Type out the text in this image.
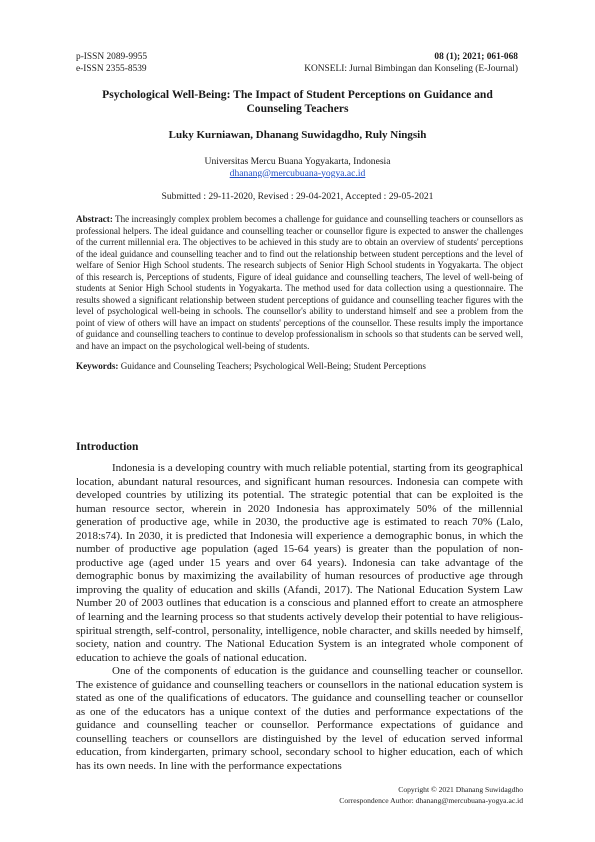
p-ISSN 2089-9955
e-ISSN 2355-8539
08 (1); 2021; 061-068
KONSELI: Jurnal Bimbingan dan Konseling (E-Journal)
Psychological Well-Being: The Impact of Student Perceptions on Guidance and Counseling Teachers
Luky Kurniawan, Dhanang Suwidagdho, Ruly Ningsih
Universitas Mercu Buana Yogyakarta, Indonesia
dhanang@mercubuana-yogya.ac.id
Submitted : 29-11-2020, Revised : 29-04-2021, Accepted : 29-05-2021

Abstract: The increasingly complex problem becomes a challenge for guidance and counselling teachers or counsellors as professional helpers. The ideal guidance and counselling teacher or counsellor figure is expected to answer the challenges of the current millennial era. The objectives to be achieved in this study are to obtain an overview of students' perceptions of the ideal guidance and counselling teacher and to find out the relationship between student perceptions and the level of welfare of Senior High School students. The research subjects of Senior High School students in Yogyakarta. The object of this research is, Perceptions of students, Figure of ideal guidance and counselling teachers, The level of well-being of students at Senior High School students in Yogyakarta. The method used for data collection using a questionnaire. The results showed a significant relationship between student perceptions of guidance and counselling teacher figures with the level of psychological well-being in schools. The counsellor's ability to understand himself and see a problem from the point of view of others will have an impact on students' perceptions of the counsellor. These results imply the importance of guidance and counselling teachers to continue to develop professionalism in schools so that students can be served well, and have an impact on the psychological well-being of students.

Keywords: Guidance and Counseling Teachers; Psychological Well-Being; Student Perceptions

Introduction

Indonesia is a developing country with much reliable potential, starting from its geographical location, abundant natural resources, and significant human resources. Indonesia can compete with developed countries by utilizing its potential. The strategic potential that can be exploited is the human resource sector, wherein in 2020 Indonesia has approximately 50% of the millennial generation of productive age, while in 2030, the productive age is estimated to reach 70% (Lalo, 2018:s74). In 2030, it is predicted that Indonesia will experience a demographic bonus, in which the number of productive age population (aged 15-64 years) is greater than the population of non-productive age (aged under 15 years and over 64 years). Indonesia can take advantage of the demographic bonus by maximizing the availability of human resources of productive age through improving the quality of education and skills (Afandi, 2017). The National Education System Law Number 20 of 2003 outlines that education is a conscious and planned effort to create an atmosphere of learning and the learning process so that students actively develop their potential to have religious-spiritual strength, self-control, personality, intelligence, noble character, and skills needed by himself, society, nation and country. The National Education System is an integrated whole component of education to achieve the goals of national education.

One of the components of education is the guidance and counselling teacher or counsellor. The existence of guidance and counselling teachers or counsellors in the national education system is stated as one of the qualifications of educators. The guidance and counselling teacher or counsellor as one of the educators has a unique context of the duties and performance expectations of the guidance and counselling teacher or counsellor. Performance expectations of guidance and counselling teachers or counsellors are distinguished by the level of education served informal education, from kindergarten, primary school, secondary school to higher education, each of which has its own needs. In line with the performance expectations

Copyright © 2021 Dhanang Suwidagdho
Correspondence Author: dhanang@mercubuana-yogya.ac.id
